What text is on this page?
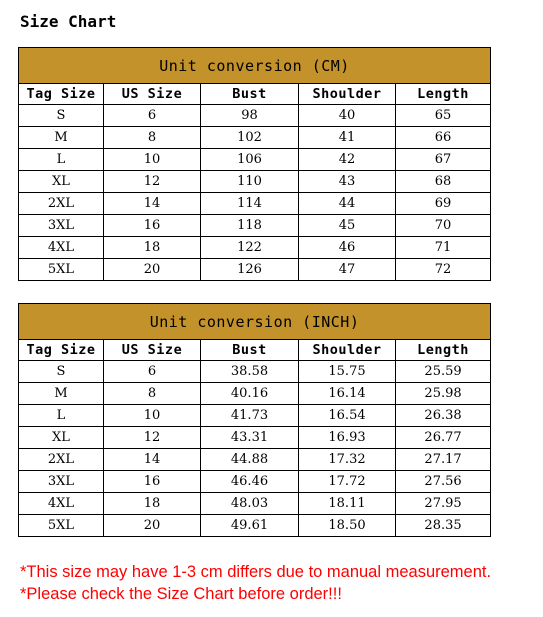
Size Chart
Unit conversion (CM)				
Tag Size	US Size	Bust	Shoulder	Length
S	6	98	40	65
M	8	102	41	66
L	10	106	42	67
XL	12	110	43	68
2XL	14	114	44	69
3XL	16	118	45	70
4XL	18	122	46	71
5XL	20	126	47	72
Unit conversion (INCH)				
Tag Size	US Size	Bust	Shoulder	Length
S	6	38.58	15.75	25.59
M	8	40.16	16.14	25.98
L	10	41.73	16.54	26.38
XL	12	43.31	16.93	26.77
2XL	14	44.88	17.32	27.17
3XL	16	46.46	17.72	27.56
4XL	18	48.03	18.11	27.95
5XL	20	49.61	18.50	28.35
*This size may have 1-3 cm differs due to manual measurement.
*Please check the Size Chart before order!!!
